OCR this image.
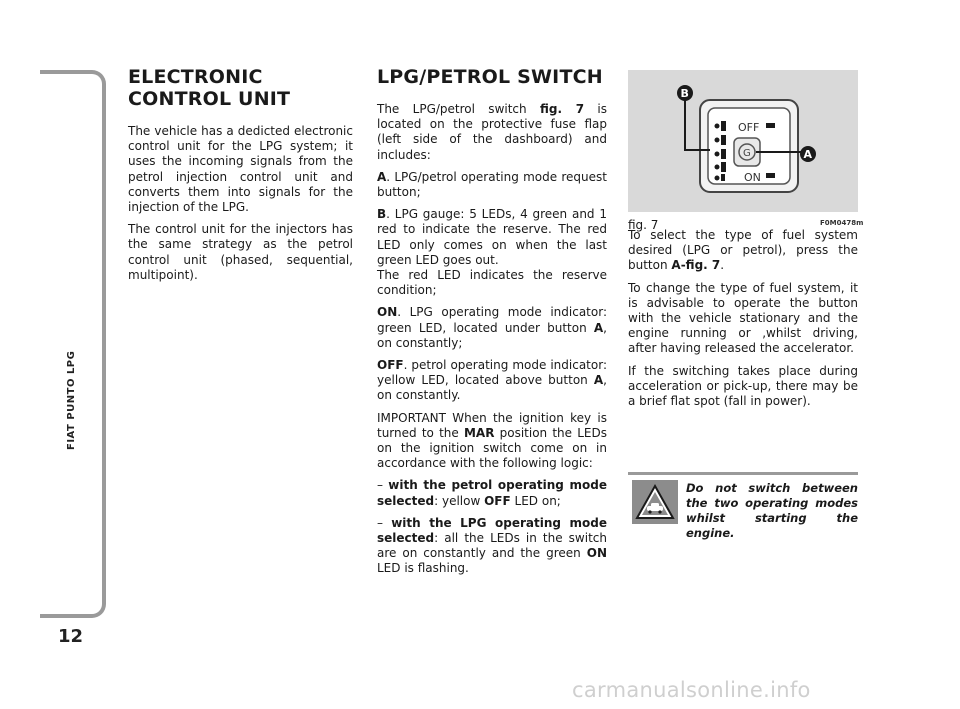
FIAT PUNTO LPG
12
ELECTRONIC CONTROL UNIT

The vehicle has a dedicted electronic control unit for the LPG system; it uses the incoming signals from the petrol injection control unit and converts them into signals for the injection of the LPG.

The control unit for the injectors has the same strategy as the petrol control unit (phased, sequential, multipoint).

LPG/PETROL SWITCH

The LPG/petrol switch fig. 7 is located on the protective fuse flap (left side of the dashboard) and includes:

A. LPG/petrol operating mode request button;

B. LPG gauge: 5 LEDs, 4 green and 1 red to indicate the reserve. The red LED only comes on when the last green LED goes out.

The red LED indicates the reserve condition;

ON. LPG operating mode indicator: green LED, located under button A, on constantly;

OFF. petrol operating mode indicator: yellow LED, located above button A, on constantly.

IMPORTANT When the ignition key is turned to the MAR position the LEDs on the ignition switch come on in accordance with the following logic:

– with the petrol operating mode selected: yellow OFF LED on;

– with the LPG operating mode selected: all the LEDs in the switch are on constantly and the green ON LED is flashing.

OFF
ON
G
B
A
fig. 7	F0M0478m

To select the type of fuel system desired (LPG or petrol), press the button A-fig. 7.

To change the type of fuel system, it is advisable to operate the button with the vehicle stationary and the engine running or ,whilst driving, after having released the accelerator.

If the switching takes place during acceleration or pick-up, there may be a brief flat spot (fall in power).

Do not switch between the two operating modes whilst starting the engine.
carmanualsonline.info
